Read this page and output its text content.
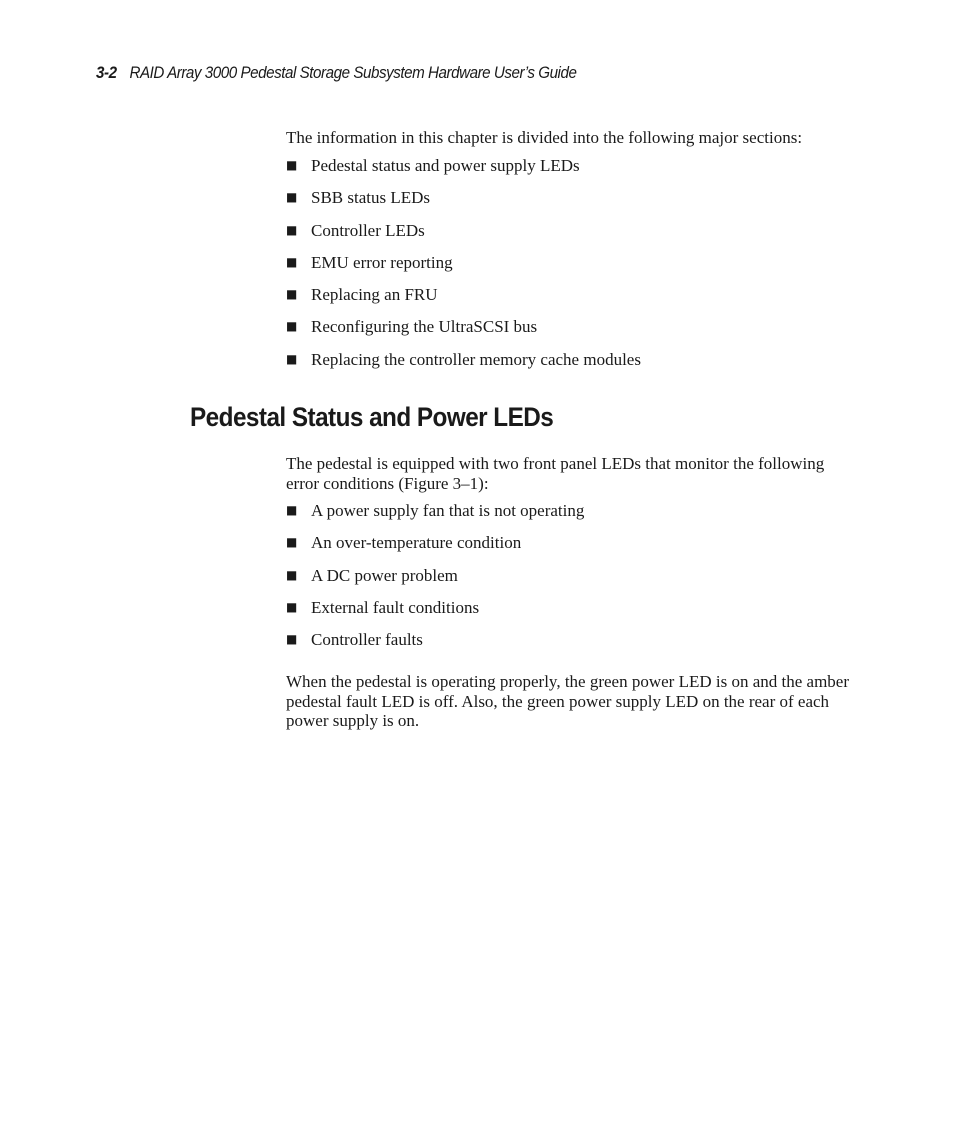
3-2 RAID Array 3000 Pedestal Storage Subsystem Hardware User’s Guide

The information in this chapter is divided into the following major sections:

■ Pedestal status and power supply LEDs
■ SBB status LEDs
■ Controller LEDs
■ EMU error reporting
■ Replacing an FRU
■ Reconfiguring the UltraSCSI bus
■ Replacing the controller memory cache modules
Pedestal Status and Power LEDs

The pedestal is equipped with two front panel LEDs that monitor the following error conditions (Figure 3–1):

■ A power supply fan that is not operating
■ An over-temperature condition
■ A DC power problem
■ External fault conditions
■ Controller faults

When the pedestal is operating properly, the green power LED is on and the amber pedestal fault LED is off. Also, the green power supply LED on the rear of each power supply is on.
